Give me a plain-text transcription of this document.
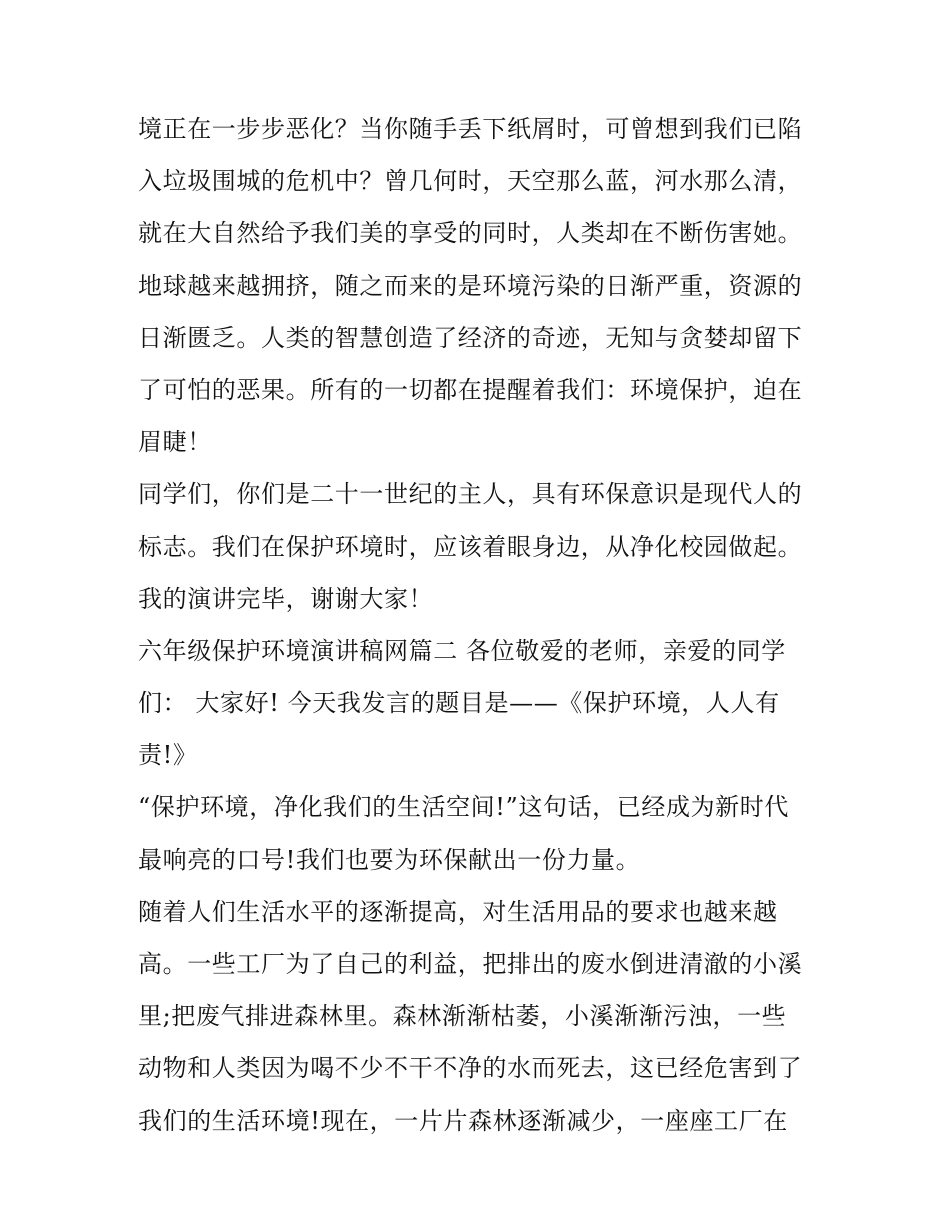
境正在一步步恶化？当你随手丢下纸屑时，可曾想到我们已陷
入垃圾围城的危机中？曾几何时，天空那么蓝，河水那么清，
就在大自然给予我们美的享受的同时，人类却在不断伤害她。
地球越来越拥挤，随之而来的是环境污染的日渐严重，资源的
日渐匮乏。人类的智慧创造了经济的奇迹，无知与贪婪却留下
了可怕的恶果。所有的一切都在提醒着我们：环境保护，迫在
眉睫！
同学们，你们是二十一世纪的主人，具有环保意识是现代人的
标志。我们在保护环境时，应该着眼身边，从净化校园做起。
我的演讲完毕，谢谢大家！
六年级保护环境演讲稿网篇二 各位敬爱的老师，亲爱的同学
们： 大家好! 今天我发言的题目是——《保护环境，人人有
责!》
“保护环境，净化我们的生活空间!”这句话，已经成为新时代
最响亮的口号!我们也要为环保献出一份力量。
随着人们生活水平的逐渐提高，对生活用品的要求也越来越
高。一些工厂为了自己的利益，把排出的废水倒进清澈的小溪
里;把废气排进森林里。森林渐渐枯萎，小溪渐渐污浊，一些
动物和人类因为喝不少不干不净的水而死去，这已经危害到了
我们的生活环境!现在，一片片森林逐渐减少，一座座工厂在
